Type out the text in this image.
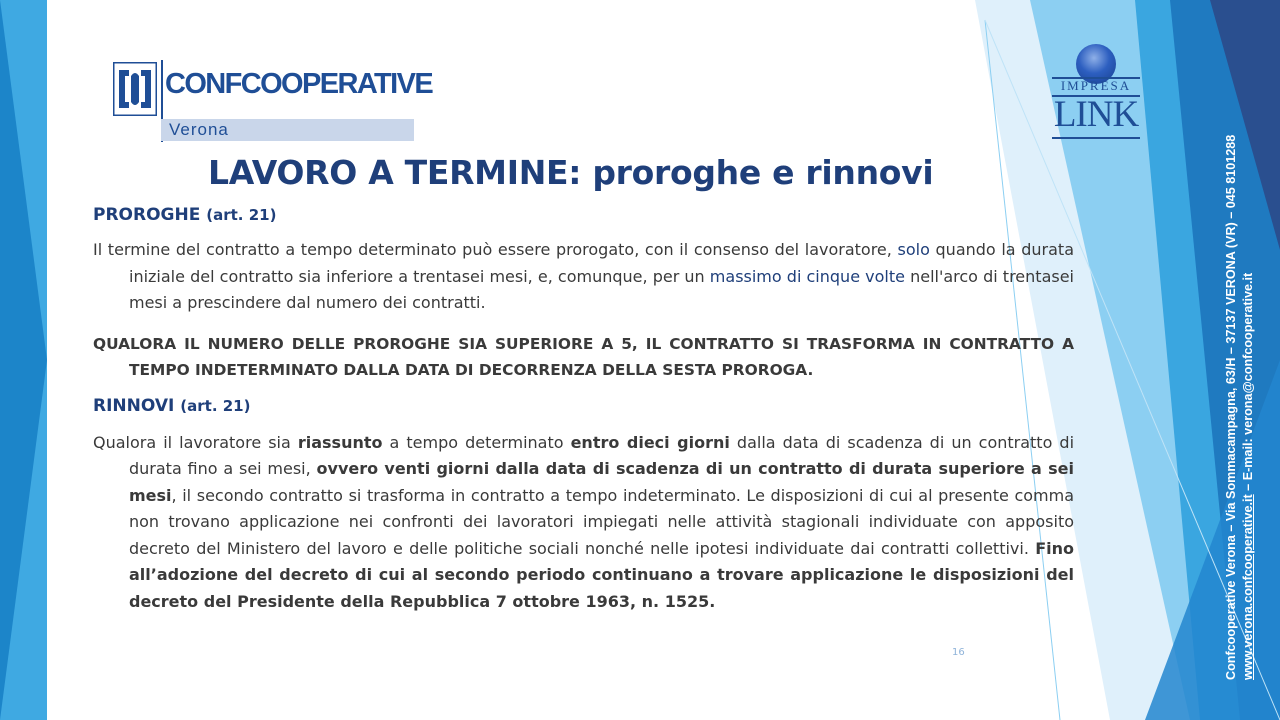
CONFCOOPERATIVE
Verona
IMPRESA
LINK
LAVORO A TERMINE: proroghe e rinnovi

PROROGHE (art. 21)

Il termine del contratto a tempo determinato può essere prorogato, con il consenso del lavoratore, solo quando la durata iniziale del contratto sia inferiore a trentasei mesi, e, comunque, per un massimo di cinque volte nell'arco di trentasei mesi a prescindere dal numero dei contratti.

QUALORA IL NUMERO DELLE PROROGHE SIA SUPERIORE A 5, IL CONTRATTO SI TRASFORMA IN CONTRATTO A TEMPO INDETERMINATO DALLA DATA DI DECORRENZA DELLA SESTA PROROGA.

RINNOVI (art. 21)

Qualora il lavoratore sia riassunto a tempo determinato entro dieci giorni dalla data di scadenza di un contratto di durata fino a sei mesi, ovvero venti giorni dalla data di scadenza di un contratto di durata superiore a sei mesi, il secondo contratto si trasforma in contratto a tempo indeterminato. Le disposizioni di cui al presente comma non trovano applicazione nei confronti dei lavoratori impiegati nelle attività stagionali individuate con apposito decreto del Ministero del lavoro e delle politiche sociali nonché nelle ipotesi individuate dai contratti collettivi. Fino all’adozione del decreto di cui al secondo periodo continuano a trovare applicazione le disposizioni del decreto del Presidente della Repubblica 7 ottobre 1963, n. 1525.

16	Confcooperative Verona – Via Sommacampagna, 63/H – 37137 VERONA (VR) – 045 8101288 www.verona.confcooperative.it – E-mail: verona@confcooperative.it
